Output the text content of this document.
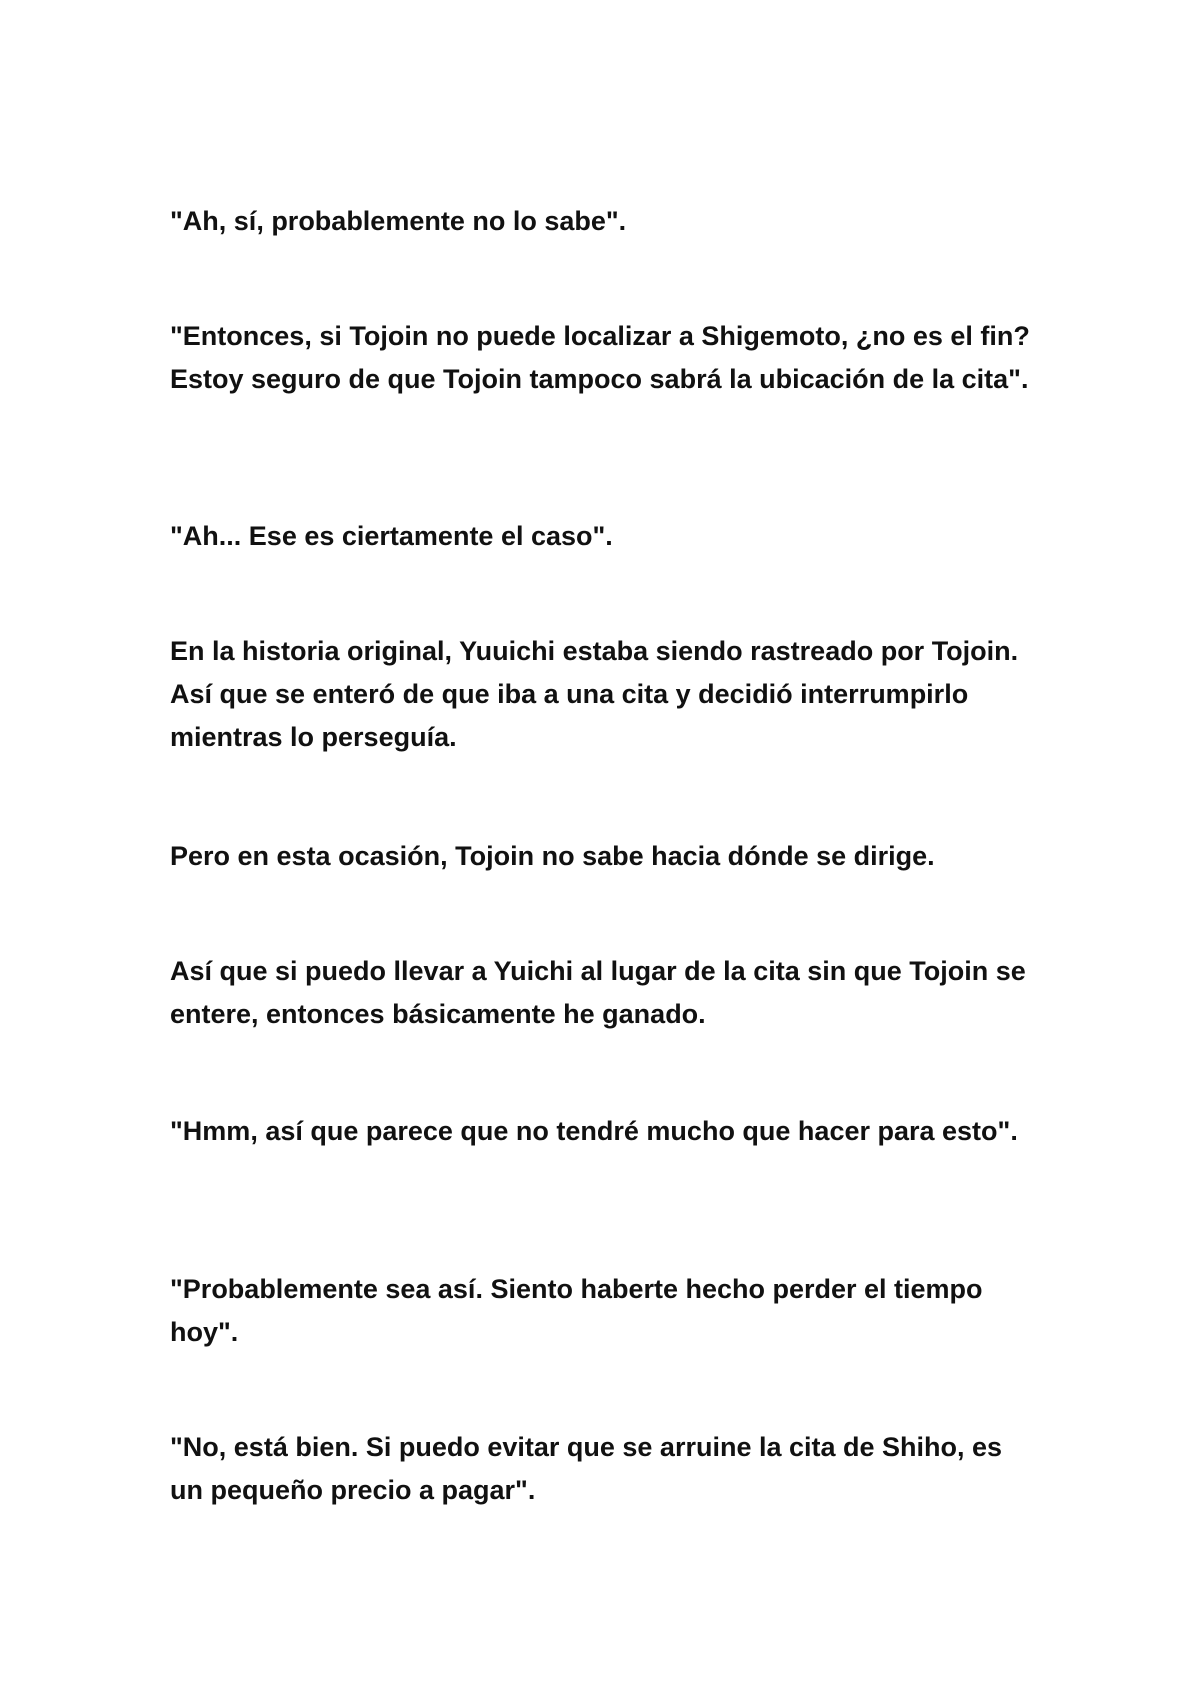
"Ah, sí, probablemente no lo sabe".

"Entonces, si Tojoin no puede localizar a Shigemoto, ¿no es el fin? Estoy seguro de que Tojoin tampoco sabrá la ubicación de la cita".

"Ah... Ese es ciertamente el caso".

En la historia original, Yuuichi estaba siendo rastreado por Tojoin. Así que se enteró de que iba a una cita y decidió interrumpirlo mientras lo perseguía.

Pero en esta ocasión, Tojoin no sabe hacia dónde se dirige.

Así que si puedo llevar a Yuichi al lugar de la cita sin que Tojoin se entere, entonces básicamente he ganado.

"Hmm, así que parece que no tendré mucho que hacer para esto".

"Probablemente sea así. Siento haberte hecho perder el tiempo hoy".

"No, está bien. Si puedo evitar que se arruine la cita de Shiho, es un pequeño precio a pagar".
